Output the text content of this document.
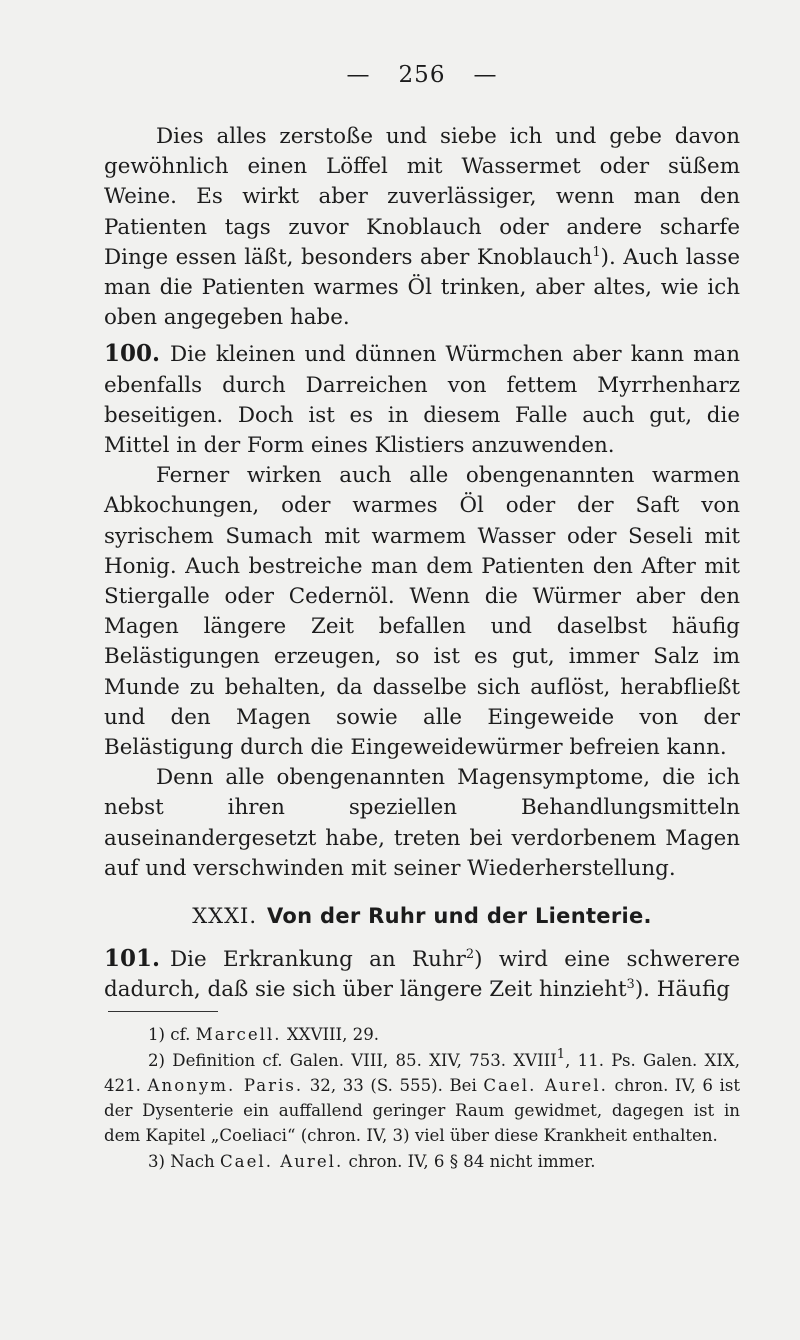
— 256 —

Dies alles zerstoße und siebe ich und gebe davon gewöhnlich einen Löffel mit Wassermet oder süßem Weine. Es wirkt aber zuverlässiger, wenn man den Patienten tags zuvor Knoblauch oder andere scharfe Dinge essen läßt, besonders aber Knoblauch$^1$). Auch lasse man die Patienten warmes Öl trinken, aber altes, wie ich oben angegeben habe.

100. Die kleinen und dünnen Würmchen aber kann man ebenfalls durch Darreichen von fettem Myrrhenharz beseitigen. Doch ist es in diesem Falle auch gut, die Mittel in der Form eines Klistiers anzuwenden.

Ferner wirken auch alle obengenannten warmen Abkochungen, oder warmes Öl oder der Saft von syrischem Sumach mit warmem Wasser oder Seseli mit Honig. Auch bestreiche man dem Patienten den After mit Stiergalle oder Cedernöl. Wenn die Würmer aber den Magen längere Zeit befallen und daselbst häufig Belästigungen erzeugen, so ist es gut, immer Salz im Munde zu behalten, da dasselbe sich auflöst, herabfließt und den Magen sowie alle Eingeweide von der Belästigung durch die Eingeweidewürmer befreien kann.

Denn alle obengenannten Magensymptome, die ich nebst ihren speziellen Behandlungsmitteln auseinandergesetzt habe, treten bei verdorbenem Magen auf und verschwinden mit seiner Wiederherstellung.

XXXI. Von der Ruhr und der Lienterie.

101. Die Erkrankung an Ruhr$^2$) wird eine schwerere dadurch, daß sie sich über längere Zeit hinzieht$^3$). Häufig

1) cf. Marcell. XXVIII, 29.

2) Definition cf. Galen. VIII, 85. XIV, 753. XVIII$^1$, 11. Ps. Galen. XIX, 421. Anonym. Paris. 32, 33 (S. 555). Bei Cael. Aurel. chron. IV, 6 ist der Dysenterie ein auffallend geringer Raum gewidmet, dagegen ist in dem Kapitel „Coeliaci“ (chron. IV, 3) viel über diese Krankheit enthalten.

3) Nach Cael. Aurel. chron. IV, 6 § 84 nicht immer.
